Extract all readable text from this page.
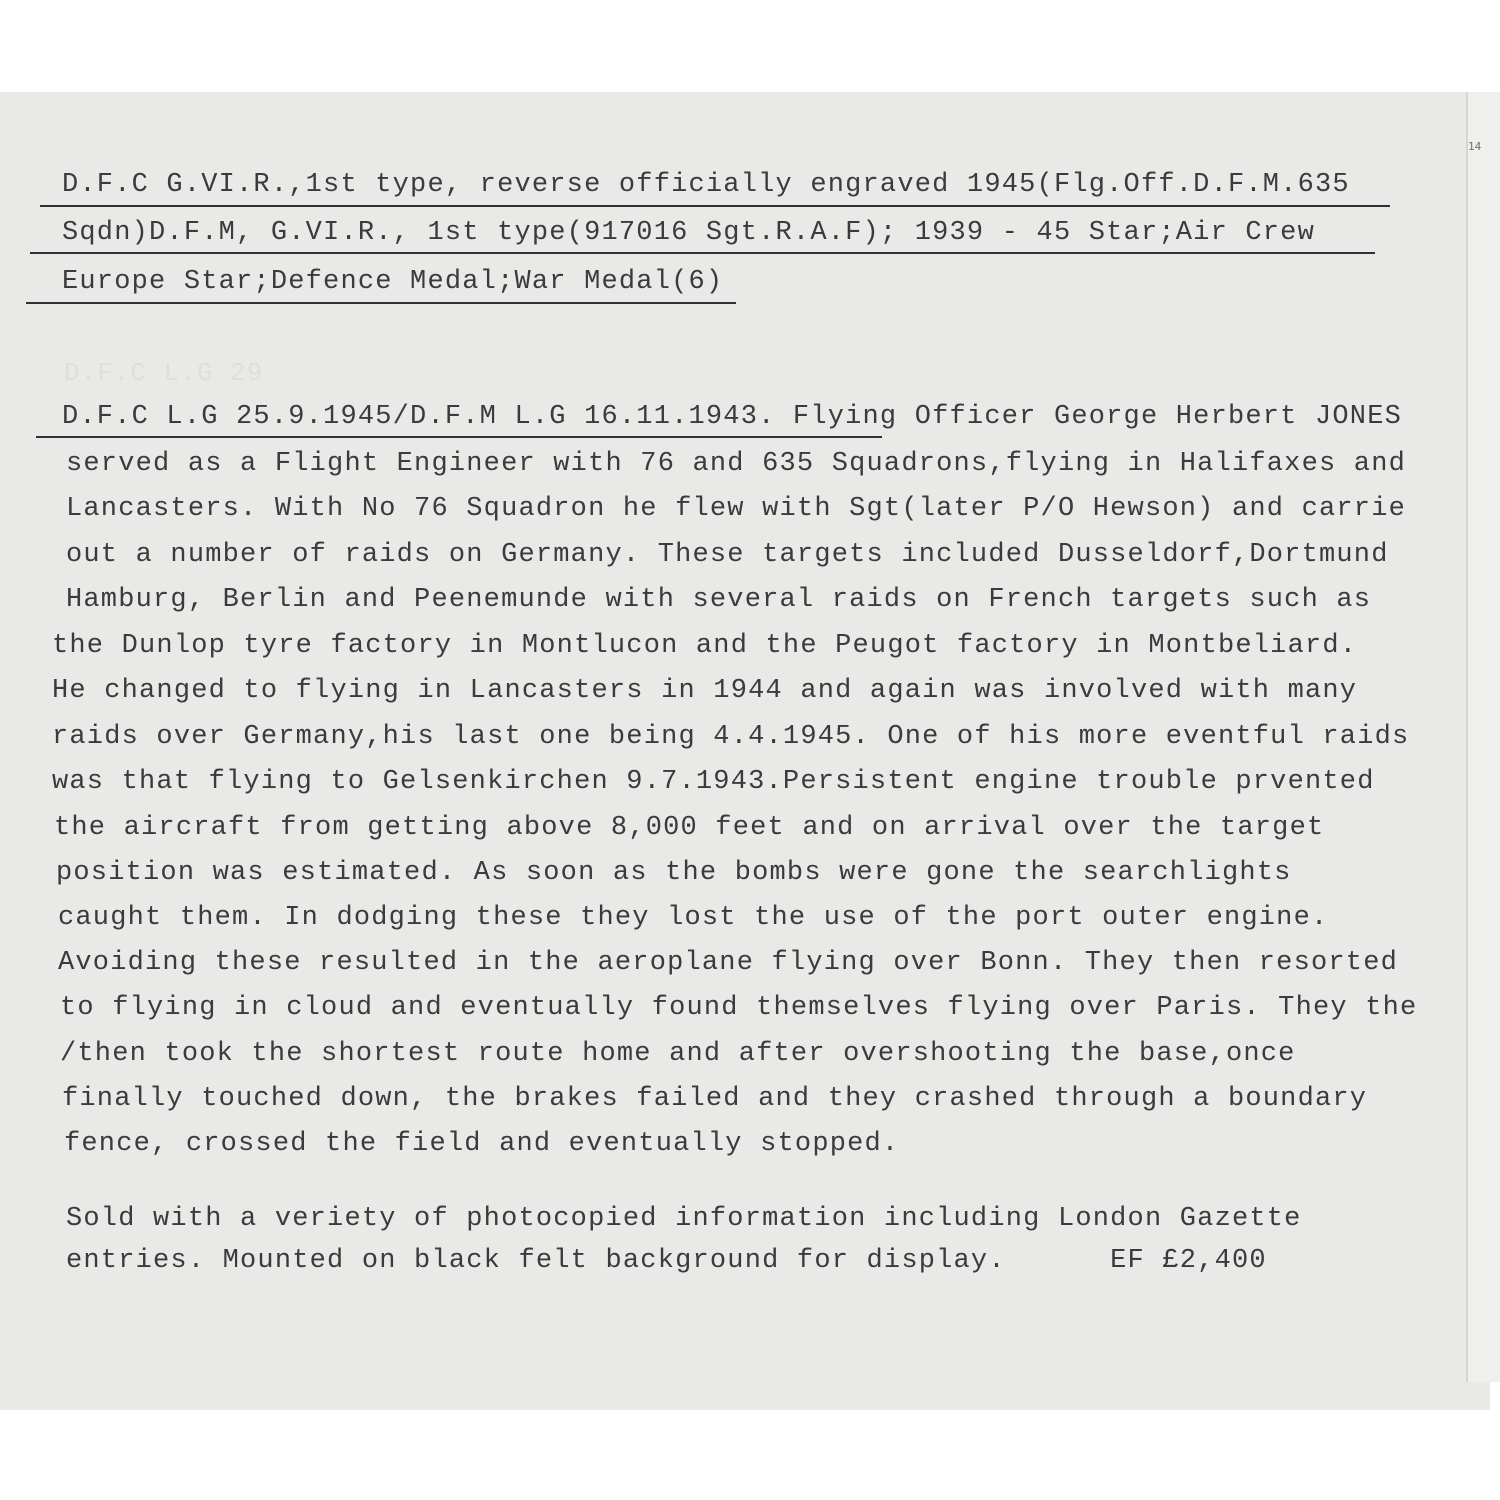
14
D.F.C L.G 29
D.F.C G.VI.R.,1st type, reverse officially engraved 1945(Flg.Off.D.F.M.635
Sqdn)D.F.M, G.VI.R., 1st type(917016 Sgt.R.A.F); 1939 - 45 Star;Air Crew
Europe Star;Defence Medal;War Medal(6)
D.F.C L.G 25.9.1945/D.F.M L.G 16.11.1943. Flying Officer George Herbert JONES
served as a Flight Engineer with 76 and 635 Squadrons,flying in Halifaxes and
Lancasters. With No 76 Squadron he flew with Sgt(later P/O Hewson) and carrie
out a number of raids on Germany. These targets included Dusseldorf,Dortmund
Hamburg, Berlin and Peenemunde with several raids on French targets such as
the Dunlop tyre factory in Montlucon and the Peugot factory in Montbeliard.
He changed to flying in Lancasters in 1944 and again was involved with many
raids over Germany,his last one being 4.4.1945. One of his more eventful raids
was that flying to Gelsenkirchen 9.7.1943.Persistent engine trouble prvented
the aircraft from getting above 8,000 feet and on arrival over the target
position was estimated. As soon as the bombs were gone the searchlights
caught them. In dodging these they lost the use of the port outer engine.
Avoiding these resulted in the aeroplane flying over Bonn. They then resorted
to flying in cloud and eventually found themselves flying over Paris. They the
/then took the shortest route home and after overshooting the base,once
finally touched down, the brakes failed and they crashed through a boundary
fence, crossed the field and eventually stopped.
Sold with a veriety of photocopied information including London Gazette
entries. Mounted on black felt background for display.      EF £2,400
